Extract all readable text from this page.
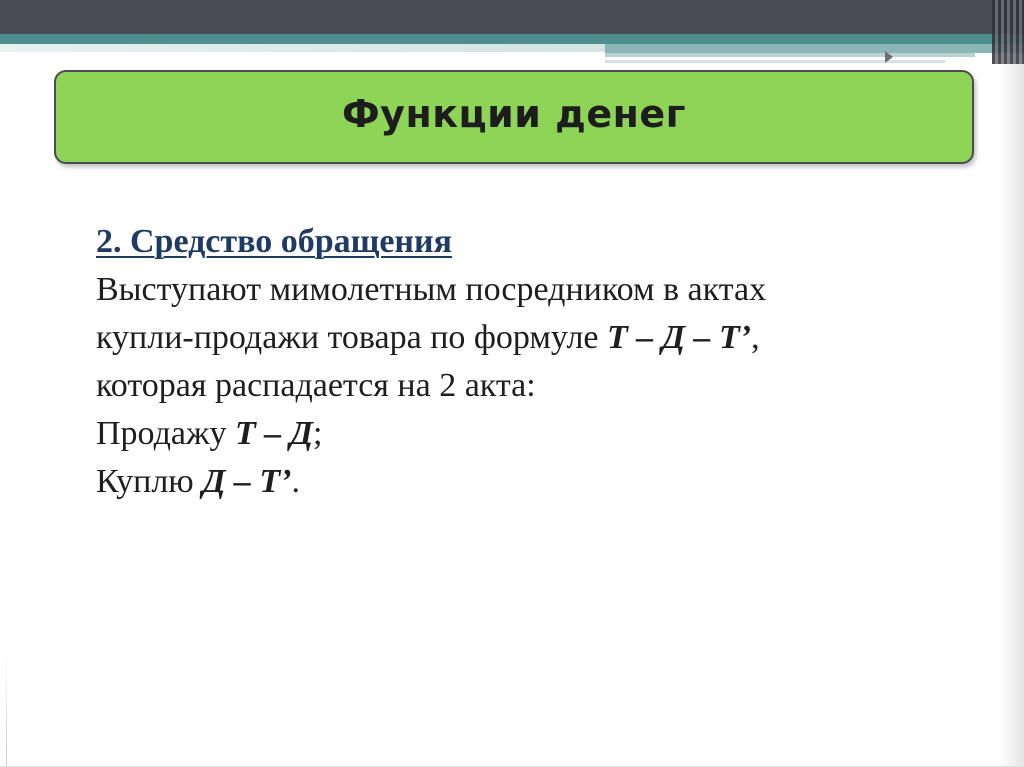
Функции денег
2. Средство обращения
Выступают мимолетным посредником в актах
купли-продажи товара по формуле Т – Д – Т’,
которая распадается на 2 акта:
Продажу Т – Д;
Куплю Д – Т’.
